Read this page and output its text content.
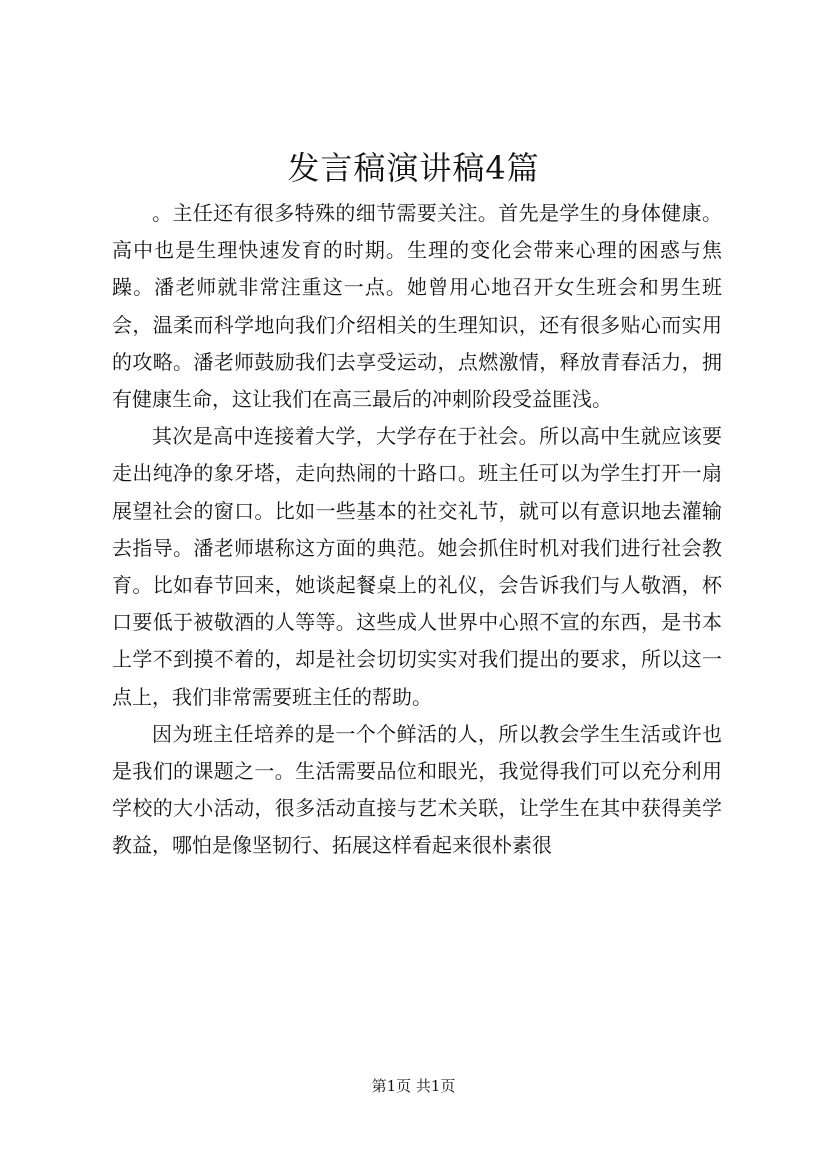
发言稿演讲稿4篇

。主任还有很多特殊的细节需要关注。首先是学生的身体健康。高中也是生理快速发育的时期。生理的变化会带来心理的困惑与焦躁。潘老师就非常注重这一点。她曾用心地召开女生班会和男生班会，温柔而科学地向我们介绍相关的生理知识，还有很多贴心而实用的攻略。潘老师鼓励我们去享受运动，点燃激情，释放青春活力，拥有健康生命，这让我们在高三最后的冲刺阶段受益匪浅。

其次是高中连接着大学，大学存在于社会。所以高中生就应该要走出纯净的象牙塔，走向热闹的十路口。班主任可以为学生打开一扇展望社会的窗口。比如一些基本的社交礼节，就可以有意识地去灌输去指导。潘老师堪称这方面的典范。她会抓住时机对我们进行社会教育。比如春节回来，她谈起餐桌上的礼仪，会告诉我们与人敬酒，杯口要低于被敬酒的人等等。这些成人世界中心照不宣的东西，是书本上学不到摸不着的，却是社会切切实实对我们提出的要求，所以这一点上，我们非常需要班主任的帮助。

因为班主任培养的是一个个鲜活的人，所以教会学生生活或许也是我们的课题之一。生活需要品位和眼光，我觉得我们可以充分利用学校的大小活动，很多活动直接与艺术关联，让学生在其中获得美学教益，哪怕是像坚韧行、拓展这样看起来很朴素很

第1页 共1页
